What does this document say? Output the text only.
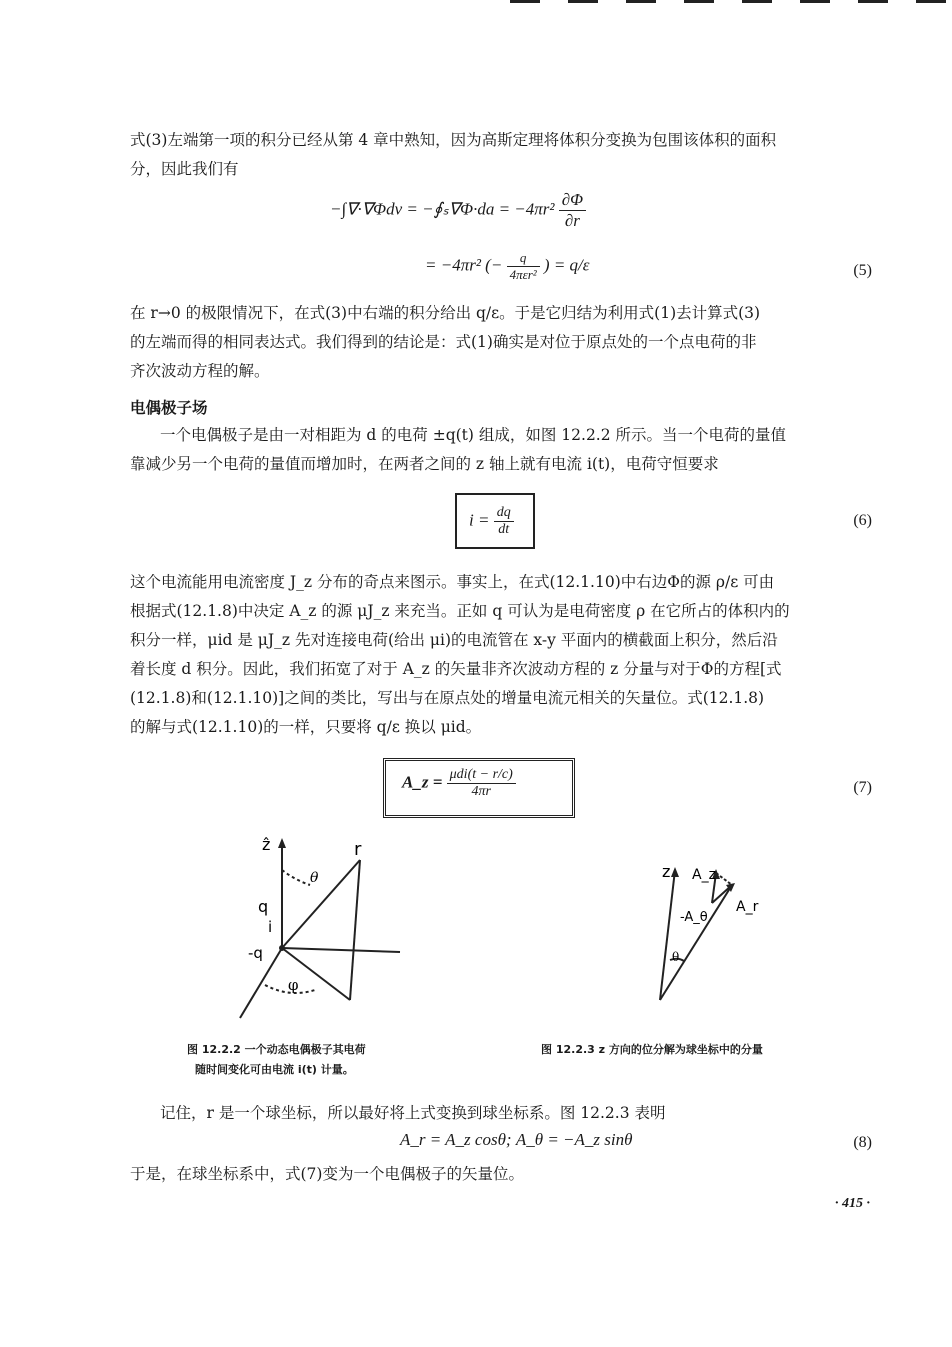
式(3)左端第一项的积分已经从第 4 章中熟知，因为高斯定理将体积分变换为包围该体积的面积
分，因此我们有
−∫∇·∇Φdv = −∮ₛ∇Φ·da = $-4\pi r^2 \frac{\partial\Phi}{\partial r}$
= −4πr² (− $\frac{q}{\text{4πεr²}}$ ) = q/ε	(5)
在 r→0 的极限情况下，在式(3)中右端的积分给出 q/ε。于是它归结为利用式(1)去计算式(3)
的左端而得的相同表达式。我们得到的结论是：式(1)确实是对位于原点处的一个点电荷的非
齐次波动方程的解。
电偶极子场
一个电偶极子是由一对相距为 d 的电荷 ±q(t) 组成，如图 12.2.2 所示。当一个电荷的量值
靠减少另一个电荷的量值而增加时，在两者之间的 z 轴上就有电流 i(t)，电荷守恒要求
$i = \frac{dq}{dt}$	(6)
这个电流能用电流密度 J_z 分布的奇点来图示。事实上，在式(12.1.10)中右边Φ的源 ρ/ε 可由
根据式(12.1.8)中决定 A_z 的源 μJ_z 来充当。正如 q 可认为是电荷密度 ρ 在它所占的体积内的
积分一样，μid 是 μJ_z 先对连接电荷(给出 μi)的电流管在 x-y 平面内的横截面上积分，然后沿
着长度 d 积分。因此，我们拓宽了对于 A_z 的矢量非齐次波动方程的 z 分量与对于Φ的方程[式
(12.1.8)和(12.1.10)]之间的类比，写出与在原点处的增量电流元相关的矢量位。式(12.1.8)
的解与式(12.1.10)的一样，只要将 q/ε 换以 μid。
A_z = $\frac{\text{μdi(t − r/c)}}{4\pi r}$	(7)
ẑ
θ
r
q
i
-q
φ
z A_z
A_r
-A_θ
θ
图 12.2.2 一个动态电偶极子其电荷
随时间变化可由电流 i(t) 计量。
图 12.2.3 z 方向的位分解为球坐标中的分量
记住，r 是一个球坐标，所以最好将上式变换到球坐标系。图 12.2.3 表明
A_r = A_z cosθ; A_θ = −A_z sinθ	(8)
于是，在球坐标系中，式(7)变为一个电偶极子的矢量位。
· 415 ·
